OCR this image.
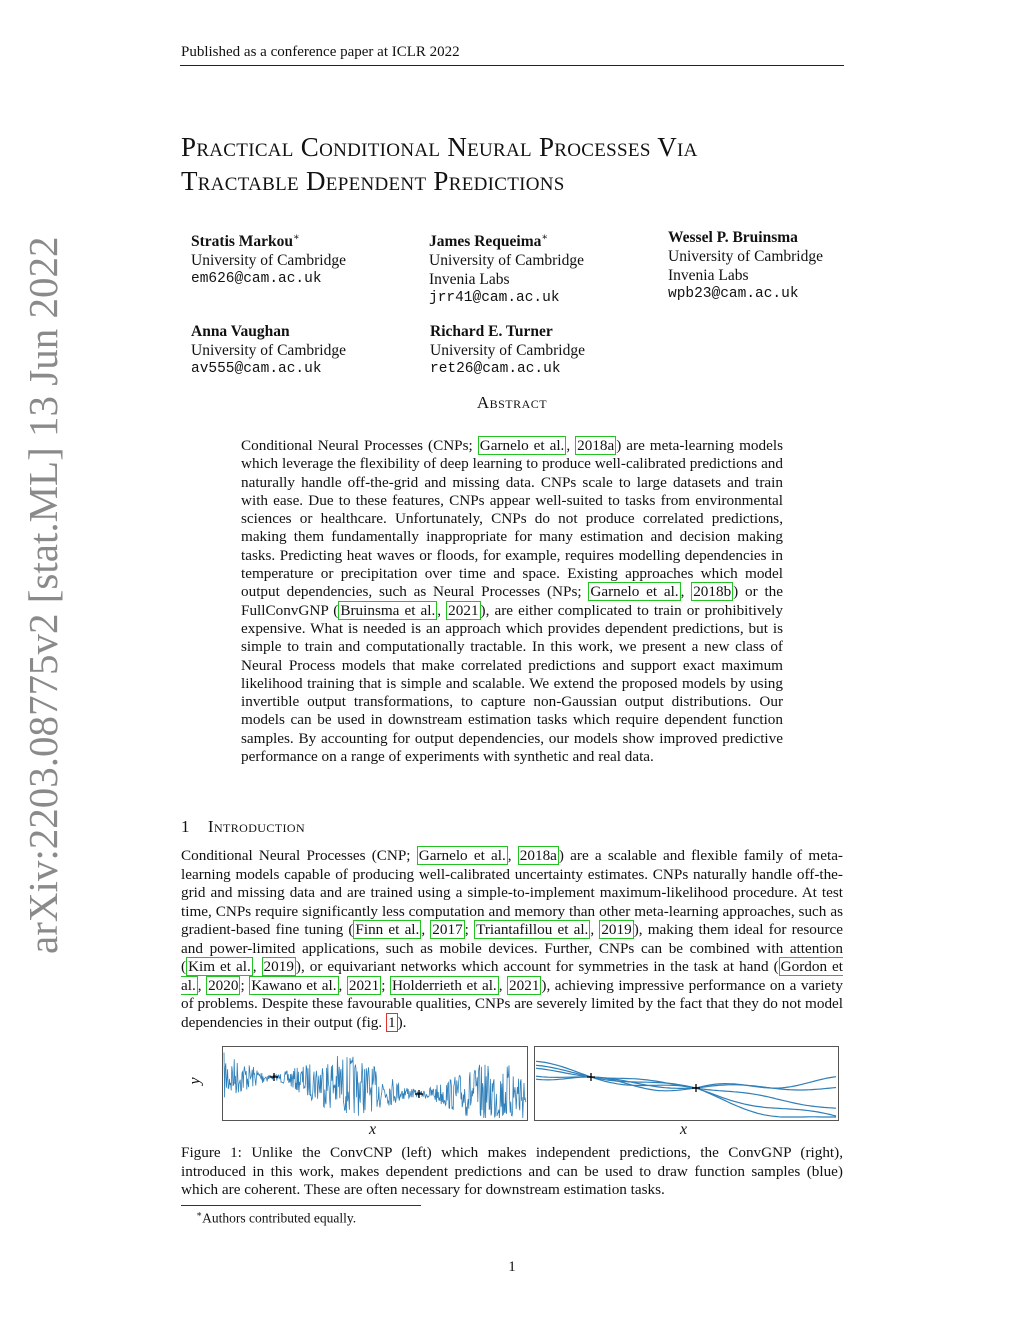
Published as a conference paper at ICLR 2022
Practical Conditional Neural Processes Via
Tractable Dependent Predictions
Stratis Markou∗
University of Cambridge
em626@cam.ac.uk
James Requeima∗
University of Cambridge
Invenia Labs
jrr41@cam.ac.uk
Wessel P. Bruinsma
University of Cambridge
Invenia Labs
wpb23@cam.ac.uk
Anna Vaughan
University of Cambridge
av555@cam.ac.uk
Richard E. Turner
University of Cambridge
ret26@cam.ac.uk
Abstract
Conditional Neural Processes (CNPs; Garnelo et al. , 2018a ) are meta-learning models which leverage the flexibility of deep learning to produce well-calibrated predictions and naturally handle off-the-grid and missing data. CNPs scale to large datasets and train with ease. Due to these features, CNPs appear well-suited to tasks from environmental sciences or healthcare. Unfortunately, CNPs do not produce correlated predictions, making them fundamentally inappropriate for many estimation and decision making tasks. Predicting heat waves or floods, for example, requires modelling dependencies in temperature or precipitation over time and space. Existing approaches which model output dependencies, such as Neural Processes (NPs; Garnelo et al. , 2018b ) or the FullConvGNP ( Bruinsma et al. , 2021 ), are either complicated to train or prohibitively expensive. What is needed is an approach which provides dependent predictions, but is simple to train and computationally tractable. In this work, we present a new class of Neural Process models that make correlated predictions and support exact maximum likelihood training that is simple and scalable. We extend the proposed models by using invertible output transformations, to capture non-Gaussian output distributions. Our models can be used in downstream estimation tasks which require dependent function samples. By accounting for output dependencies, our models show improved predictive performance on a range of experiments with synthetic and real data.
1 Introduction
Conditional Neural Processes (CNP; Garnelo et al. , 2018a ) are a scalable and flexible family of meta-learning models capable of producing well-calibrated uncertainty estimates. CNPs naturally handle off-the-grid and missing data and are trained using a simple-to-implement maximum-likelihood procedure. At test time, CNPs require significantly less computation and memory than other meta-learning approaches, such as gradient-based fine tuning ( Finn et al. , 2017 ; Triantafillou et al. , 2019 ), making them ideal for resource and power-limited applications, such as mobile devices. Further, CNPs can be combined with attention ( Kim et al. , 2019 ), or equivariant networks which account for symmetries in the task at hand ( Gordon et al. , 2020 ; Kawano et al. , 2021 ; Holderrieth et al. , 2021 ), achieving impressive performance on a variety of problems. Despite these favourable qualities, CNPs are severely limited by the fact that they do not model dependencies in their output (fig. 1 ).
y
x	x
Figure 1: Unlike the ConvCNP (left) which makes independent predictions, the ConvGNP (right), introduced in this work, makes dependent predictions and can be used to draw function samples (blue) which are coherent. These are often necessary for downstream estimation tasks.
∗Authors contributed equally.
1
arXiv:2203.08775v2 [stat.ML] 13 Jun 2022
